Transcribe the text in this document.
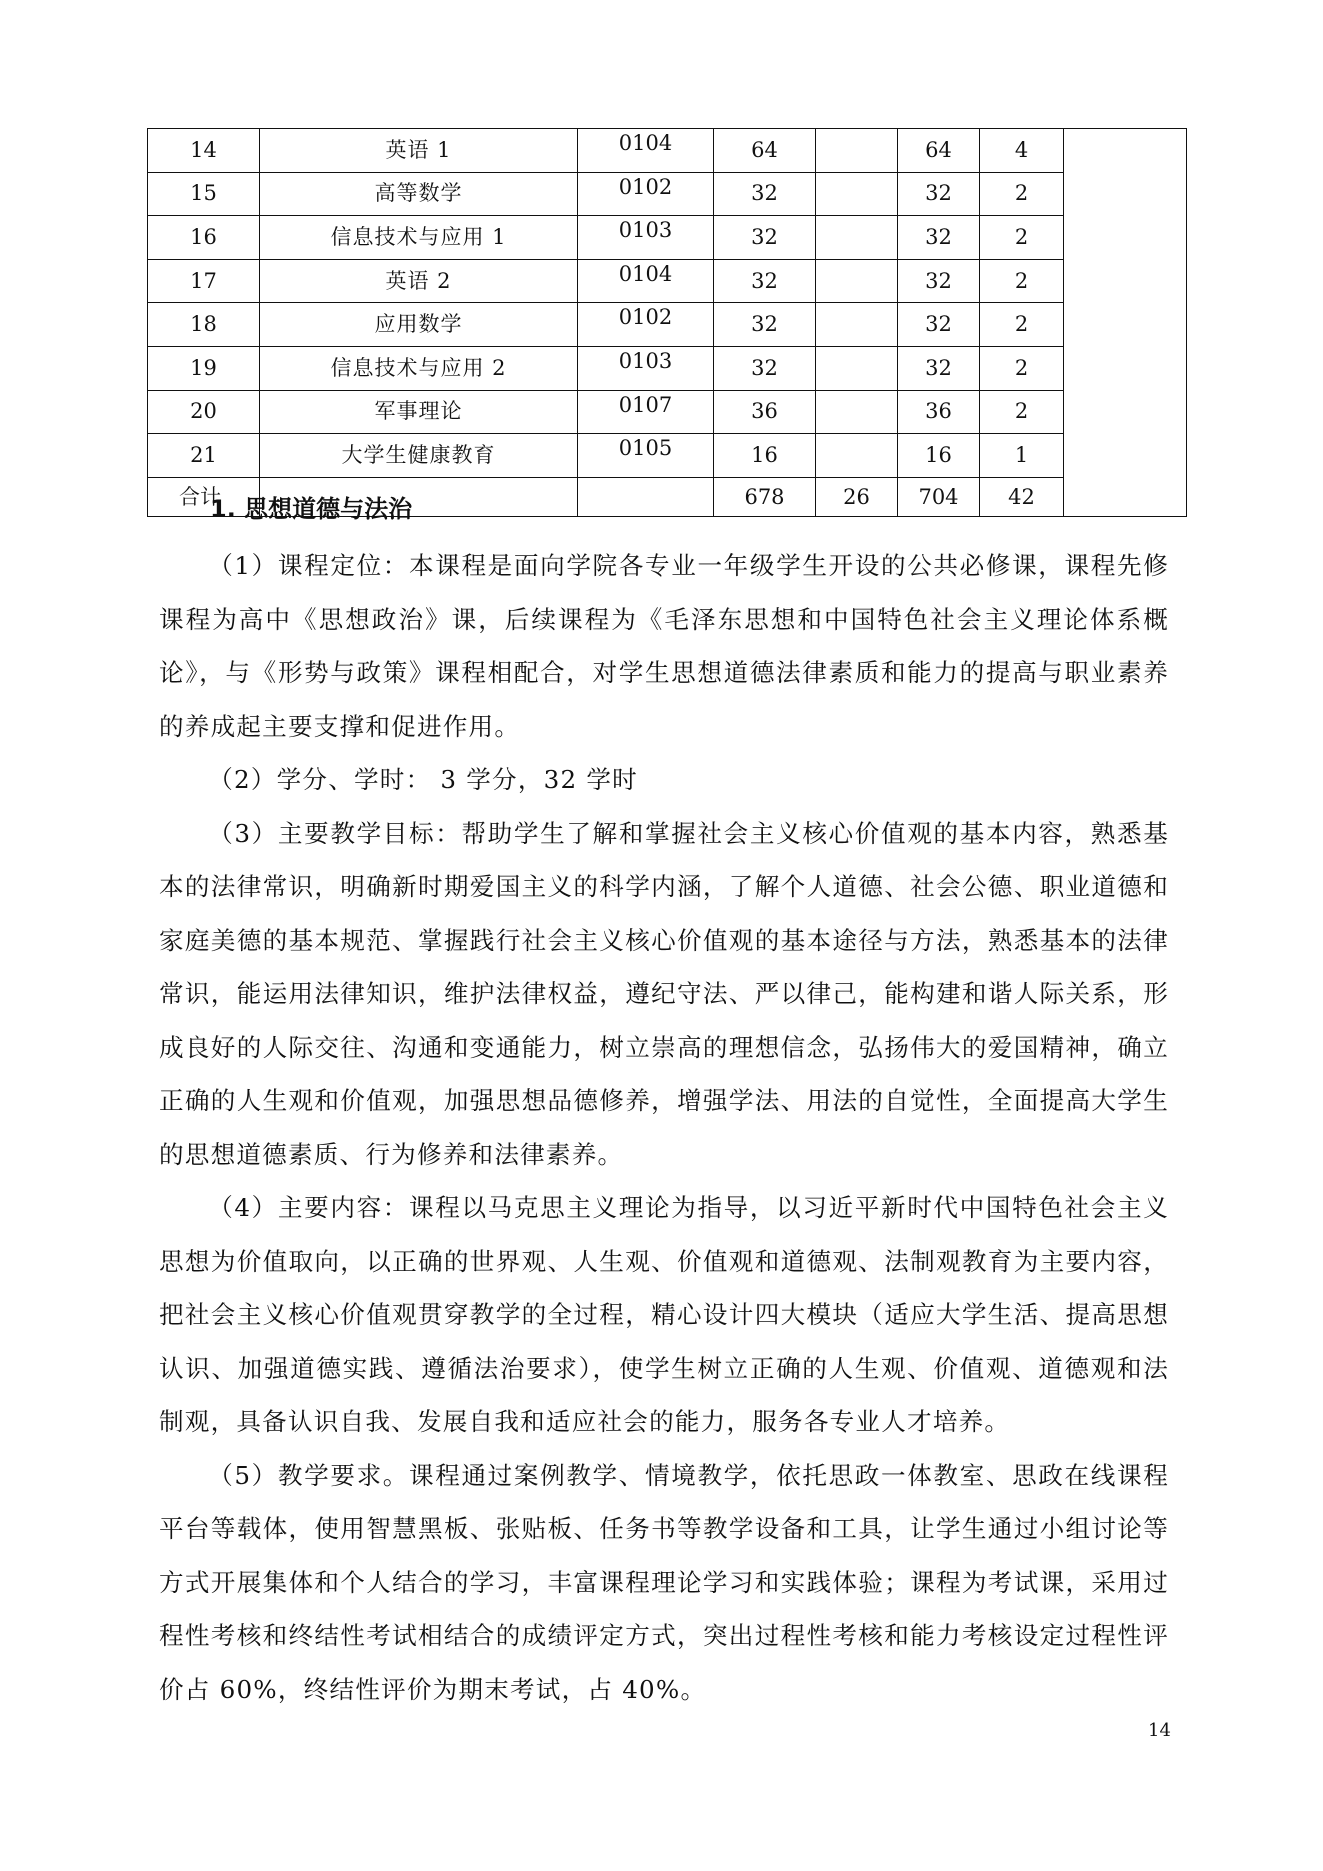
14	英语 1	0104	64		64	4	
15	高等数学	0102	32		32	2	
16	信息技术与应用 1	0103	32		32	2	
17	英语 2	0104	32		32	2	
18	应用数学	0102	32		32	2	
19	信息技术与应用 2	0103	32		32	2	
20	军事理论	0107	36		36	2	
21	大学生健康教育	0105	16		16	1	
合计			678	26	704	42	
1. 思想道德与法治

（1）课程定位：本课程是面向学院各专业一年级学生开设的公共必修课，课程先修课程为高中《思想政治》课，后续课程为《毛泽东思想和中国特色社会主义理论体系概论》，与《形势与政策》课程相配合，对学生思想道德法律素质和能力的提高与职业素养的养成起主要支撑和促进作用。

（2）学分、学时： 3 学分，32 学时

（3）主要教学目标：帮助学生了解和掌握社会主义核心价值观的基本内容，熟悉基本的法律常识，明确新时期爱国主义的科学内涵，了解个人道德、社会公德、职业道德和家庭美德的基本规范、掌握践行社会主义核心价值观的基本途径与方法，熟悉基本的法律常识，能运用法律知识，维护法律权益，遵纪守法、严以律己，能构建和谐人际关系，形成良好的人际交往、沟通和变通能力，树立崇高的理想信念，弘扬伟大的爱国精神，确立正确的人生观和价值观，加强思想品德修养，增强学法、用法的自觉性，全面提高大学生的思想道德素质、行为修养和法律素养。

（4）主要内容：课程以马克思主义理论为指导，以习近平新时代中国特色社会主义思想为价值取向，以正确的世界观、人生观、价值观和道德观、法制观教育为主要内容，把社会主义核心价值观贯穿教学的全过程，精心设计四大模块（适应大学生活、提高思想认识、加强道德实践、遵循法治要求），使学生树立正确的人生观、价值观、道德观和法制观，具备认识自我、发展自我和适应社会的能力，服务各专业人才培养。

（5）教学要求。课程通过案例教学、情境教学，依托思政一体教室、思政在线课程平台等载体，使用智慧黑板、张贴板、任务书等教学设备和工具，让学生通过小组讨论等方式开展集体和个人结合的学习，丰富课程理论学习和实践体验；课程为考试课，采用过程性考核和终结性考试相结合的成绩评定方式，突出过程性考核和能力考核设定过程性评价占 60%，终结性评价为期末考试，占 40%。

14
